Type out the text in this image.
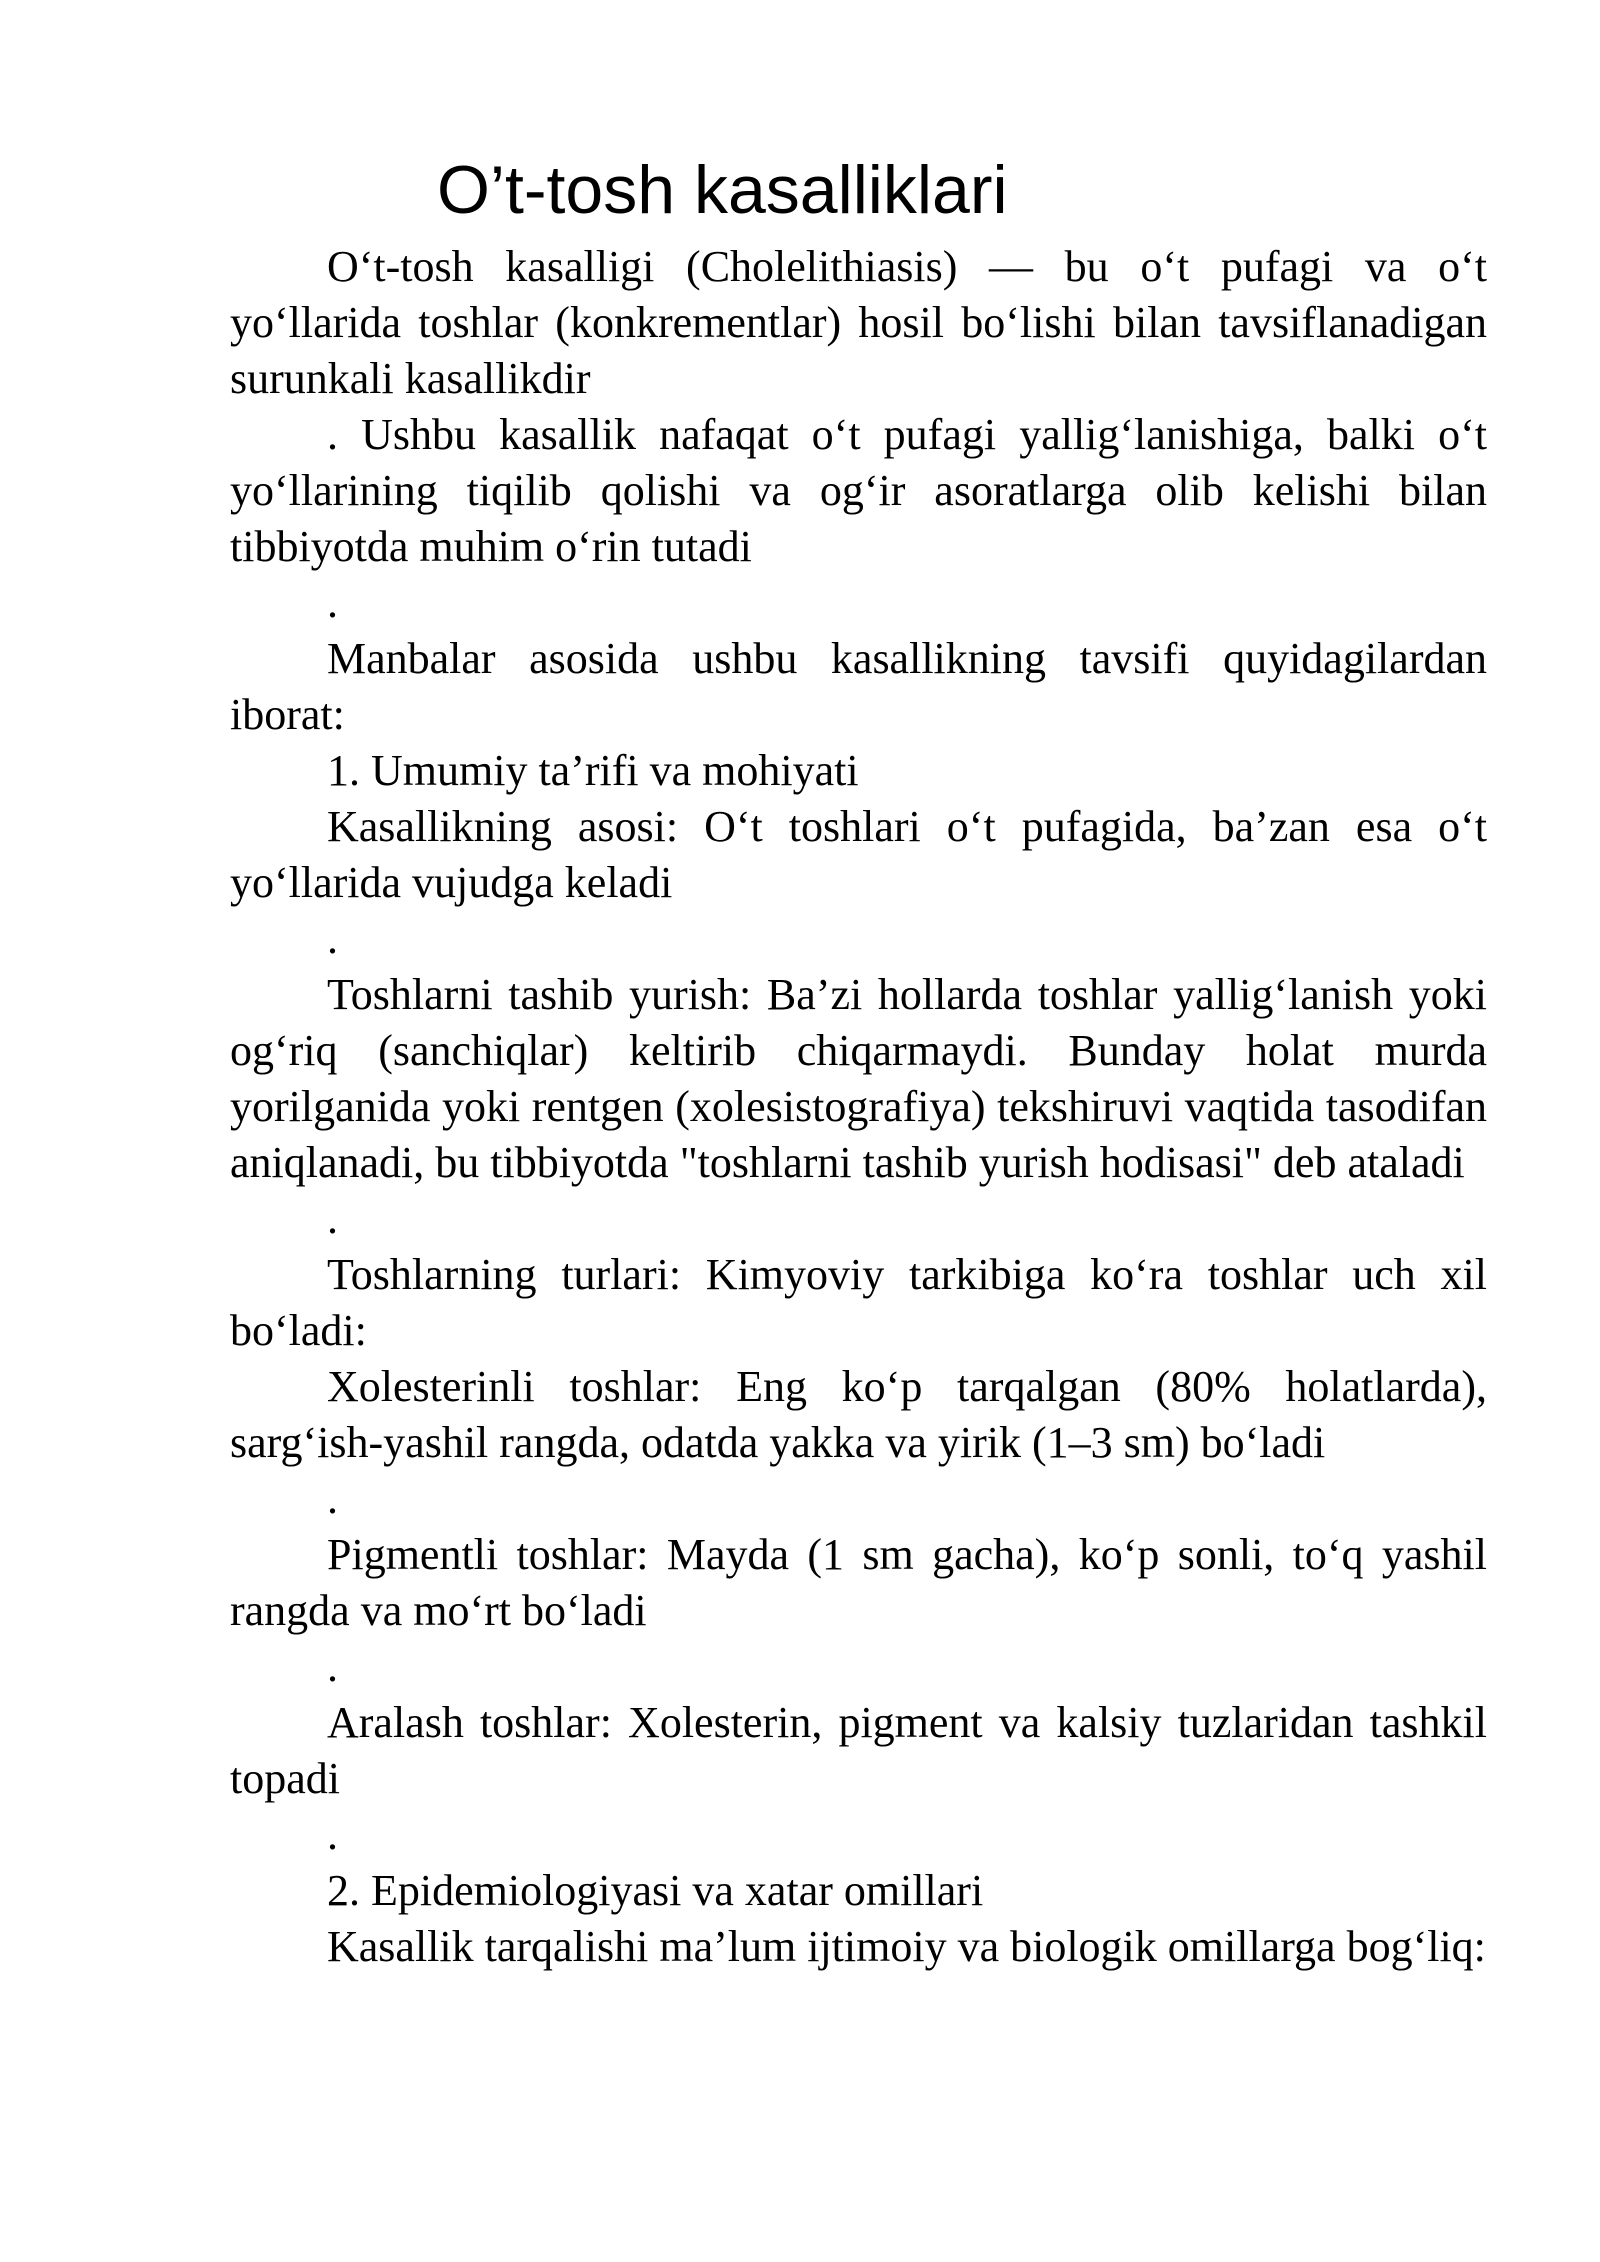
O’t-tosh kasalliklari

O‘t-tosh kasalligi (Cholelithiasis) — bu o‘t pufagi va o‘t yo‘llarida toshlar (konkrementlar) hosil bo‘lishi bilan tavsiflanadigan surunkali kasallikdir

. Ushbu kasallik nafaqat o‘t pufagi yallig‘lanishiga, balki o‘t yo‘llarining tiqilib qolishi va og‘ir asoratlarga olib kelishi bilan tibbiyotda muhim o‘rin tutadi

.

Manbalar asosida ushbu kasallikning tavsifi quyidagilardan iborat:

1. Umumiy ta’rifi va mohiyati

Kasallikning asosi: O‘t toshlari o‘t pufagida, ba’zan esa o‘t yo‘llarida vujudga keladi

.

Toshlarni tashib yurish: Ba’zi hollarda toshlar yallig‘lanish yoki og‘riq (sanchiqlar) keltirib chiqarmaydi. Bunday holat murda yorilganida yoki rentgen (xolesistografiya) tekshiruvi vaqtida tasodifan aniqlanadi, bu tibbiyotda "toshlarni tashib yurish hodisasi" deb ataladi

.

Toshlarning turlari: Kimyoviy tarkibiga ko‘ra toshlar uch xil bo‘ladi:

Xolesterinli toshlar: Eng ko‘p tarqalgan (80% holatlarda), sarg‘ish-yashil rangda, odatda yakka va yirik (1–3 sm) bo‘ladi

.

Pigmentli toshlar: Mayda (1 sm gacha), ko‘p sonli, to‘q yashil rangda va mo‘rt bo‘ladi

.

Aralash toshlar: Xolesterin, pigment va kalsiy tuzlaridan tashkil topadi

.

2. Epidemiologiyasi va xatar omillari

Kasallik tarqalishi ma’lum ijtimoiy va biologik omillarga bog‘liq:
